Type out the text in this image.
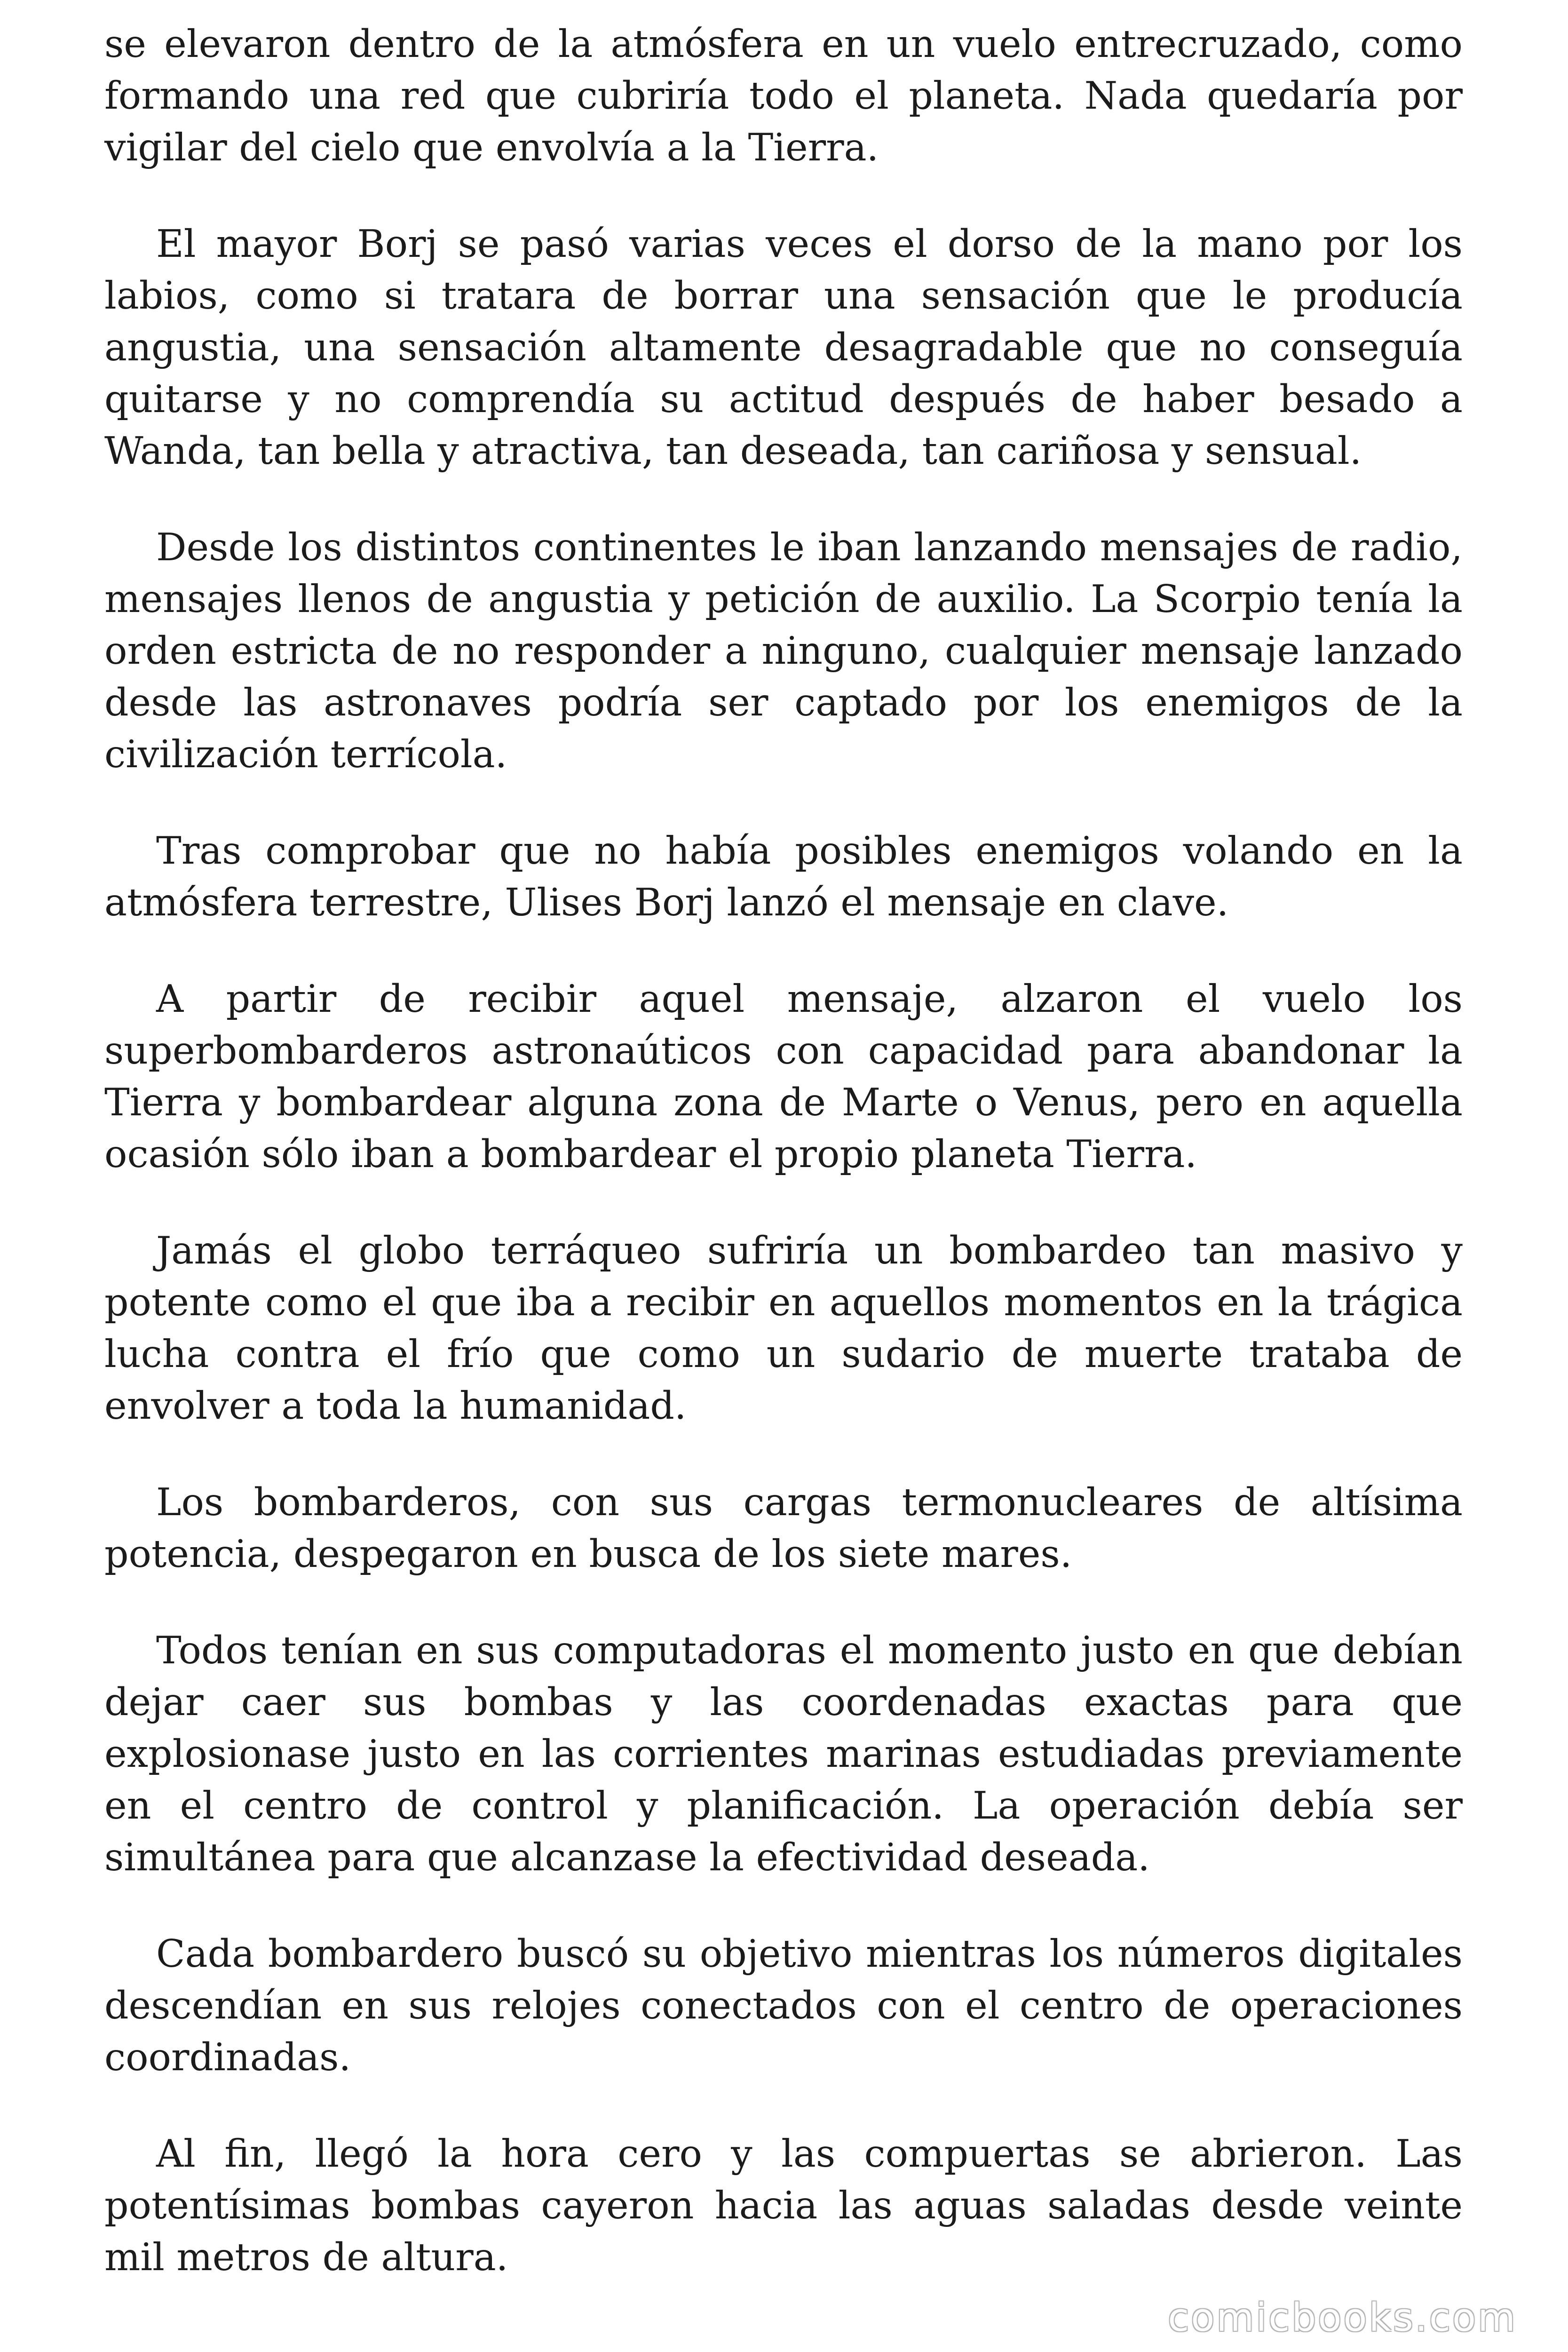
se elevaron dentro de la atmósfera en un vuelo entrecruzado, como formando una red que cubriría todo el planeta. Nada quedaría por vigilar del cielo que envolvía a la Tierra.

El mayor Borj se pasó varias veces el dorso de la mano por los labios, como si tratara de borrar una sensación que le producía angustia, una sensación altamente desagradable que no conseguía quitarse y no comprendía su actitud después de haber besado a Wanda, tan bella y atractiva, tan deseada, tan cariñosa y sensual.

Desde los distintos continentes le iban lanzando mensajes de radio, mensajes llenos de angustia y petición de auxilio. La Scorpio tenía la orden estricta de no responder a ninguno, cualquier mensaje lanzado desde las astronaves podría ser captado por los enemigos de la civilización terrícola.

Tras comprobar que no había posibles enemigos volando en la atmósfera terrestre, Ulises Borj lanzó el mensaje en clave.

A partir de recibir aquel mensaje, alzaron el vuelo los superbombarderos astronaúticos con capacidad para abandonar la Tierra y bombardear alguna zona de Marte o Venus, pero en aquella ocasión sólo iban a bombardear el propio planeta Tierra.

Jamás el globo terráqueo sufriría un bombardeo tan masivo y potente como el que iba a recibir en aquellos momentos en la trágica lucha contra el frío que como un sudario de muerte trataba de envolver a toda la humanidad.

Los bombarderos, con sus cargas termonucleares de altísima potencia, despegaron en busca de los siete mares.

Todos tenían en sus computadoras el momento justo en que debían dejar caer sus bombas y las coordenadas exactas para que explosionase justo en las corrientes marinas estudiadas previamente en el centro de control y planificación. La operación debía ser simultánea para que alcanzase la efectividad deseada.

Cada bombardero buscó su objetivo mientras los números digitales descendían en sus relojes conectados con el centro de operaciones coordinadas.

Al fin, llegó la hora cero y las compuertas se abrieron. Las potentísimas bombas cayeron hacia las aguas saladas desde veinte mil metros de altura.

comicbooks.com
